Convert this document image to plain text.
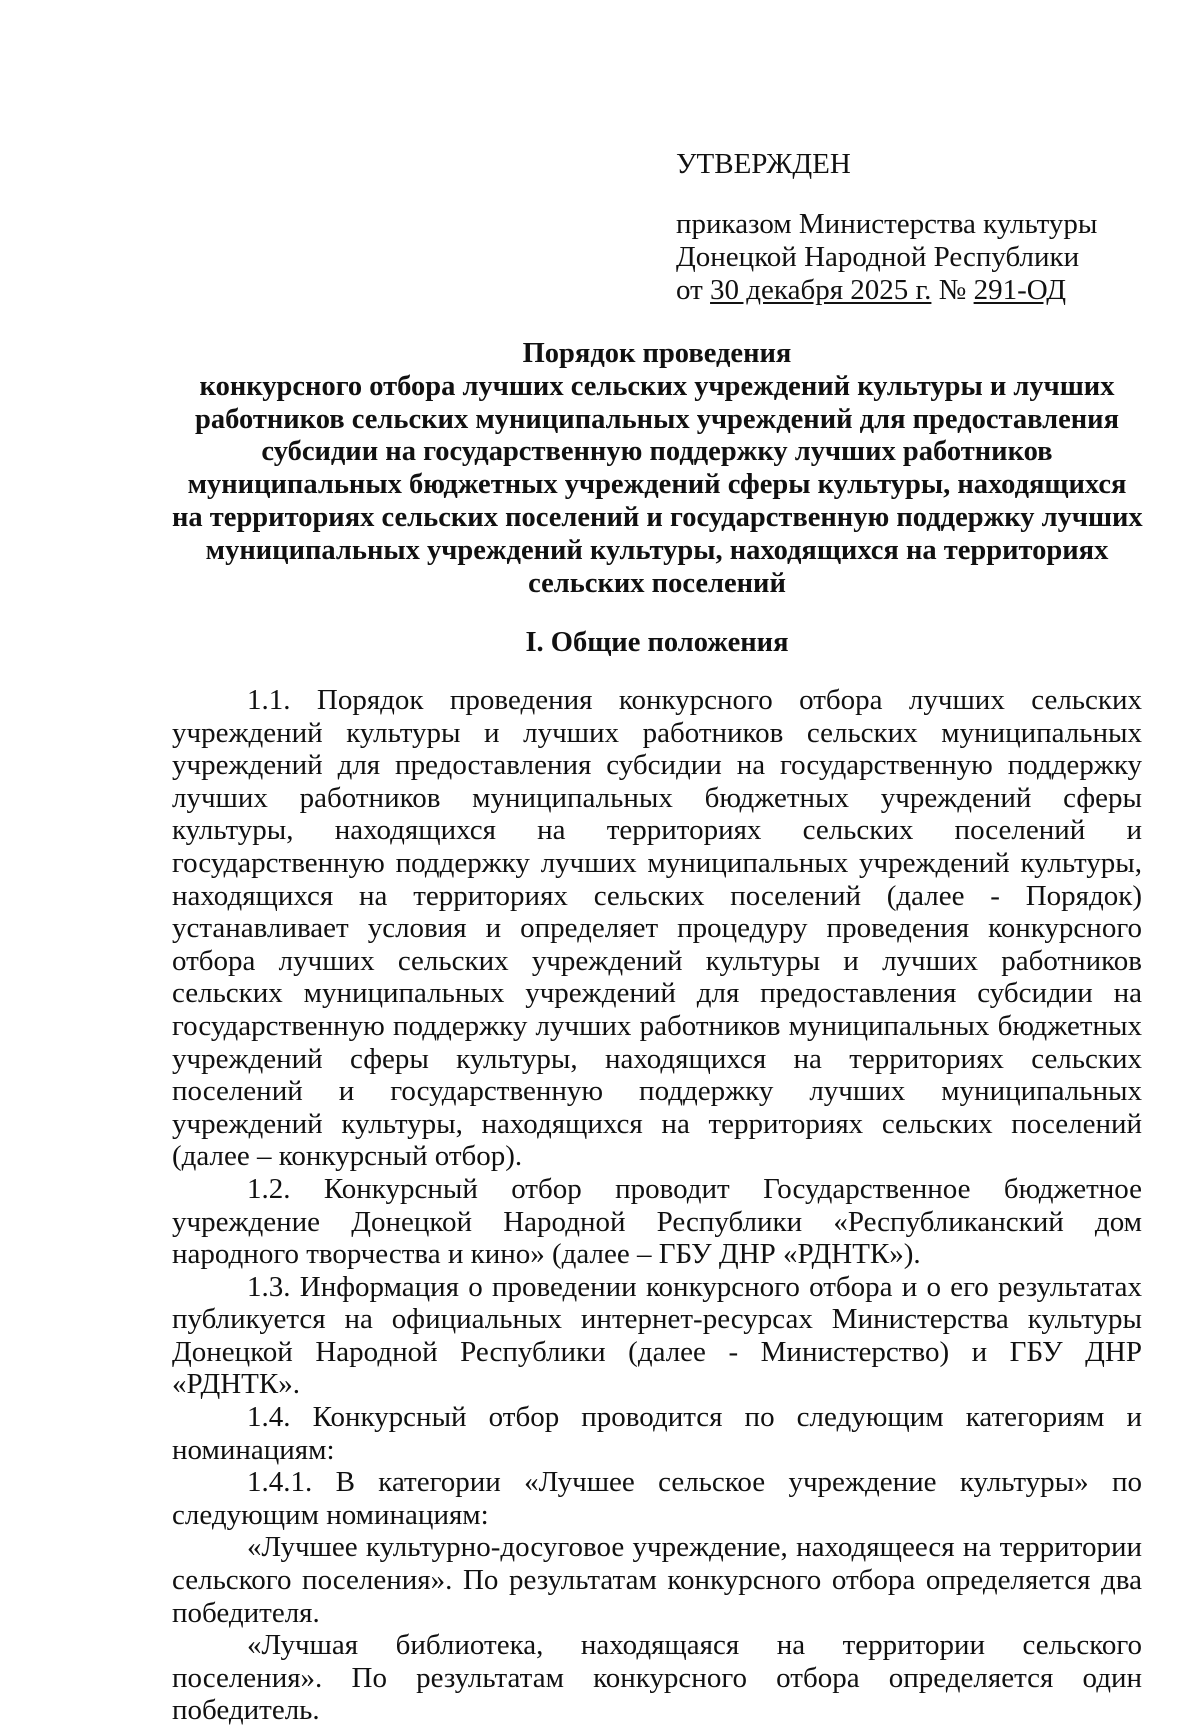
УТВЕРЖДЕН

приказом Министерства культуры

Донецкой Народной Республики

от 30 декабря 2025 г. № 291-ОД

Порядок проведения
конкурсного отбора лучших сельских учреждений культуры и лучших
работников сельских муниципальных учреждений для предоставления
субсидии на государственную поддержку лучших работников
муниципальных бюджетных учреждений сферы культуры, находящихся
на территориях сельских поселений и государственную поддержку лучших
муниципальных учреждений культуры, находящихся на территориях
сельских поселений
I. Общие положения

1.1. Порядок проведения конкурсного отбора лучших сельских учреждений культуры и лучших работников сельских муниципальных учреждений для предоставления субсидии на государственную поддержку лучших работников муниципальных бюджетных учреждений сферы культуры, находящихся на территориях сельских поселений и государственную поддержку лучших муниципальных учреждений культуры, находящихся на территориях сельских поселений (далее - Порядок) устанавливает условия и определяет процедуру проведения конкурсного отбора лучших сельских учреждений культуры и лучших работников сельских муниципальных учреждений для предоставления субсидии на государственную поддержку лучших работников муниципальных бюджетных учреждений сферы культуры, находящихся на территориях сельских поселений и государственную поддержку лучших муниципальных учреждений культуры, находящихся на территориях сельских поселений (далее – конкурсный отбор).

1.2. Конкурсный отбор проводит Государственное бюджетное учреждение Донецкой Народной Республики «Республиканский дом народного творчества и кино» (далее – ГБУ ДНР «РДНТК»).

1.3. Информация о проведении конкурсного отбора и о его результатах публикуется на официальных интернет-ресурсах Министерства культуры Донецкой Народной Республики (далее - Министерство) и ГБУ ДНР «РДНТК».

1.4. Конкурсный отбор проводится по следующим категориям и номинациям:

1.4.1. В категории «Лучшее сельское учреждение культуры» по следующим номинациям:

«Лучшее культурно-досуговое учреждение, находящееся на территории сельского поселения». По результатам конкурсного отбора определяется два победителя.

«Лучшая библиотека, находящаяся на территории сельского поселения». По результатам конкурсного отбора определяется один победитель.
